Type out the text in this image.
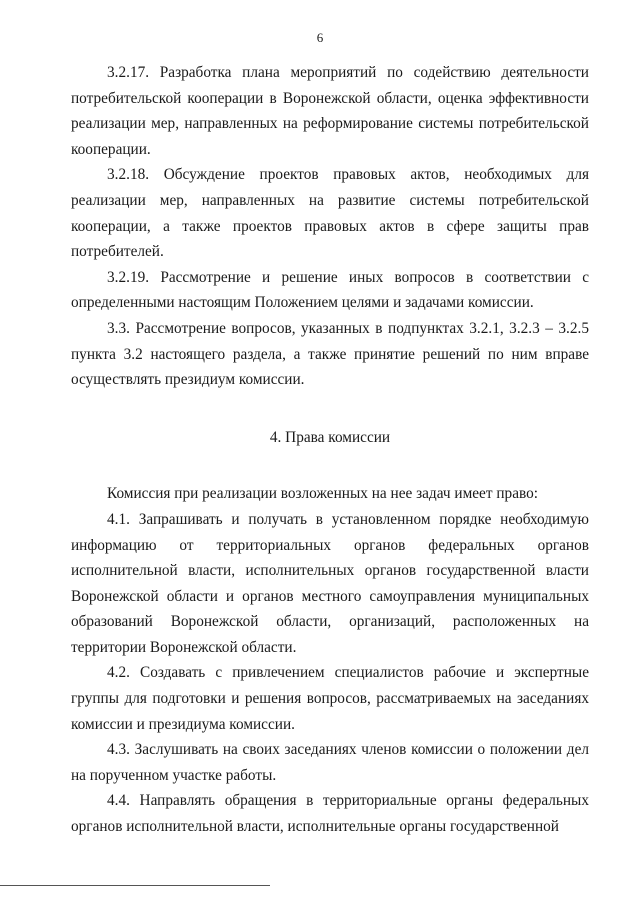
6

3.2.17. Разработка плана мероприятий по содействию деятельности потребительской кооперации в Воронежской области, оценка эффективности реализации мер, направленных на реформирование системы потребительской кооперации.

3.2.18. Обсуждение проектов правовых актов, необходимых для реализации мер, направленных на развитие системы потребительской кооперации, а также проектов правовых актов в сфере защиты прав потребителей.

3.2.19. Рассмотрение и решение иных вопросов в соответствии с определенными настоящим Положением целями и задачами комиссии.

3.3. Рассмотрение вопросов, указанных в подпунктах 3.2.1, 3.2.3 – 3.2.5 пункта 3.2 настоящего раздела, а также принятие решений по ним вправе осуществлять президиум комиссии.

4. Права комиссии

Комиссия при реализации возложенных на нее задач имеет право:

4.1. Запрашивать и получать в установленном порядке необходимую информацию от территориальных органов федеральных органов исполнительной власти, исполнительных органов государственной власти Воронежской области и органов местного самоуправления муниципальных образований Воронежской области, организаций, расположенных на территории Воронежской области.

4.2. Создавать с привлечением специалистов рабочие и экспертные группы для подготовки и решения вопросов, рассматриваемых на заседаниях комиссии и президиума комиссии.

4.3. Заслушивать на своих заседаниях членов комиссии о положении дел на порученном участке работы.

4.4. Направлять обращения в территориальные органы федеральных органов исполнительной власти, исполнительные органы государственной
